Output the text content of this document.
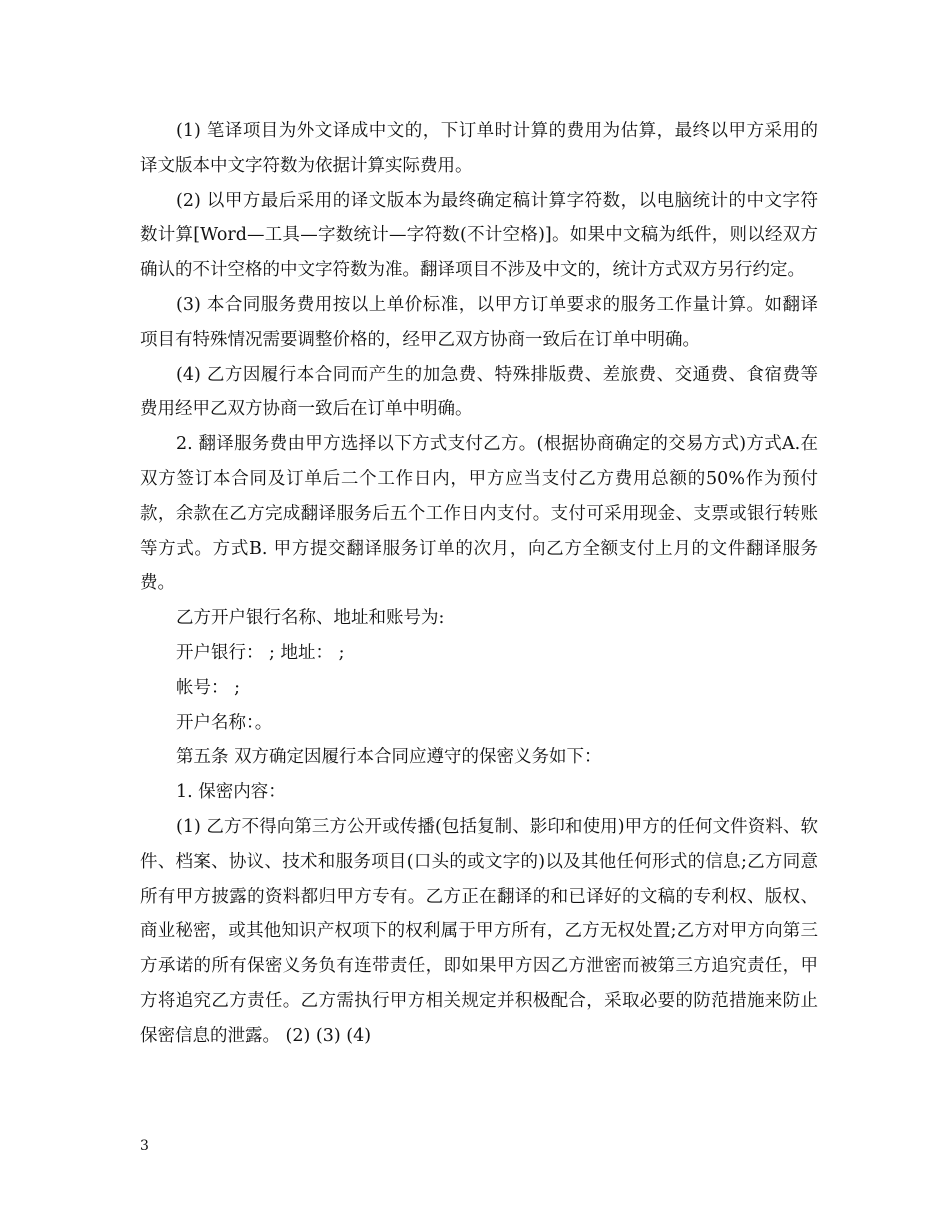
(1) 笔译项目为外文译成中文的，下订单时计算的费用为估算，最终以甲方采用的译文版本中文字符数为依据计算实际费用。

(2) 以甲方最后采用的译文版本为最终确定稿计算字符数，以电脑统计的中文字符数计算[Word—工具—字数统计—字符数(不计空格)]。如果中文稿为纸件，则以经双方确认的不计空格的中文字符数为准。翻译项目不涉及中文的，统计方式双方另行约定。

(3) 本合同服务费用按以上单价标准，以甲方订单要求的服务工作量计算。如翻译项目有特殊情况需要调整价格的，经甲乙双方协商一致后在订单中明确。

(4) 乙方因履行本合同而产生的加急费、特殊排版费、差旅费、交通费、食宿费等费用经甲乙双方协商一致后在订单中明确。

2. 翻译服务费由甲方选择以下方式支付乙方。(根据协商确定的交易方式)方式A.在双方签订本合同及订单后二个工作日内，甲方应当支付乙方费用总额的50%作为预付款，余款在乙方完成翻译服务后五个工作日内支付。支付可采用现金、支票或银行转账等方式。方式B. 甲方提交翻译服务订单的次月，向乙方全额支付上月的文件翻译服务费。

乙方开户银行名称、地址和账号为:

开户银行： ; 地址： ;

帐号： ;

开户名称：。

第五条 双方确定因履行本合同应遵守的保密义务如下：

1. 保密内容：

(1) 乙方不得向第三方公开或传播(包括复制、影印和使用)甲方的任何文件资料、软件、档案、协议、技术和服务项目(口头的或文字的)以及其他任何形式的信息;乙方同意所有甲方披露的资料都归甲方专有。乙方正在翻译的和已译好的文稿的专利权、版权、商业秘密，或其他知识产权项下的权利属于甲方所有，乙方无权处置;乙方对甲方向第三方承诺的所有保密义务负有连带责任，即如果甲方因乙方泄密而被第三方追究责任，甲方将追究乙方责任。乙方需执行甲方相关规定并积极配合，采取必要的防范措施来防止保密信息的泄露。 (2) (3) (4)

3
